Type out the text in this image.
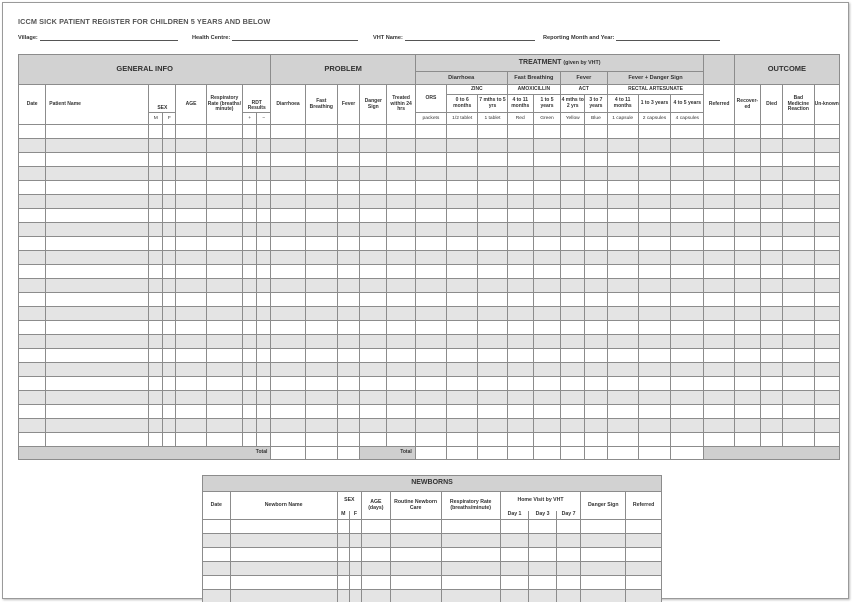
ICCM SICK PATIENT REGISTER FOR CHILDREN 5 YEARS AND BELOW
Village:	Health Centre:	VHT Name:	Reporting Month and Year:
GENERAL INFO								PROBLEM					TREATMENT (given by VHT)											OUTCOME			
													Diarrhoea			Fast Breathing		Fever		Fever + Danger Sign							
Date	Patient Name	SEX		AGE	Respiratory Rate (breaths/ minute)	RDT Results		Diarrhoea	Fast Breathing	Fever	Danger Sign	Treated within 24 hrs	ORS	ZINC		AMOXICILLIN		ACT		RECTAL ARTESUNATE			Referred	Recover-ed	Died	Bad Medicine Reaction	Un-known
														0 to 6 months	7 mths to 5 yrs	4 to 11 months	1 to 5 years	4 mths to 2 yrs	3 to 7 years	4 to 11 months	1 to 3 years	4 to 5 years					
		M	F			+	−						packets	1/2 tablet	1 tablet	Red	Green	Yellow	Blue	1 capsule	2 capsules	4 capsules					

Total											Total																
NEWBORNS											
Date	Newborn Name	SEX		AGE (days)	Routine Newborn Care	Respiratory Rate (breaths/minute)	Home Visit by VHT			Danger Sign	Referred
		M	F				Day 1	Day 3	Day 7		
